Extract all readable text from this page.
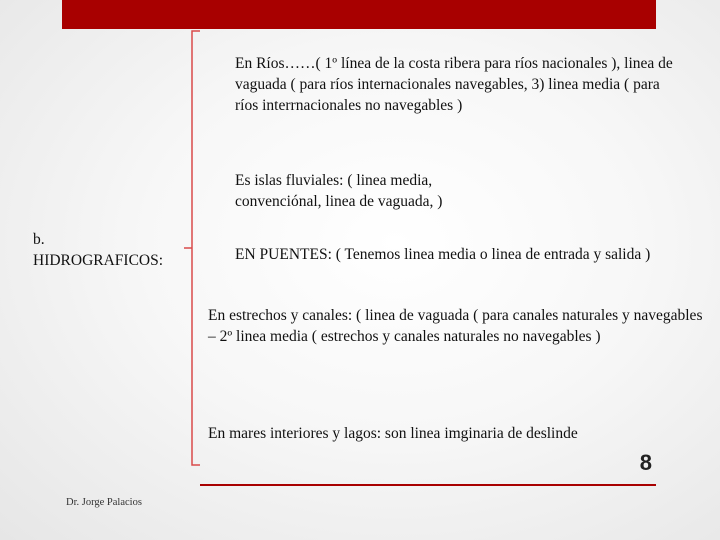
b.
HIDROGRAFICOS:

En Ríos……( 1º línea de la costa ribera para ríos nacionales ), linea de vaguada ( para ríos internacionales navegables, 3) linea media ( para ríos interrnacionales no navegables )

Es islas fluviales: ( linea media, convenciónal, linea de vaguada, )

EN PUENTES: ( Tenemos linea media o linea de entrada y salida )

En estrechos y canales: ( linea de vaguada ( para canales naturales y navegables – 2º linea media ( estrechos y canales naturales no navegables )

En mares interiores y lagos: son linea imginaria de deslinde

8
Dr. Jorge Palacios
